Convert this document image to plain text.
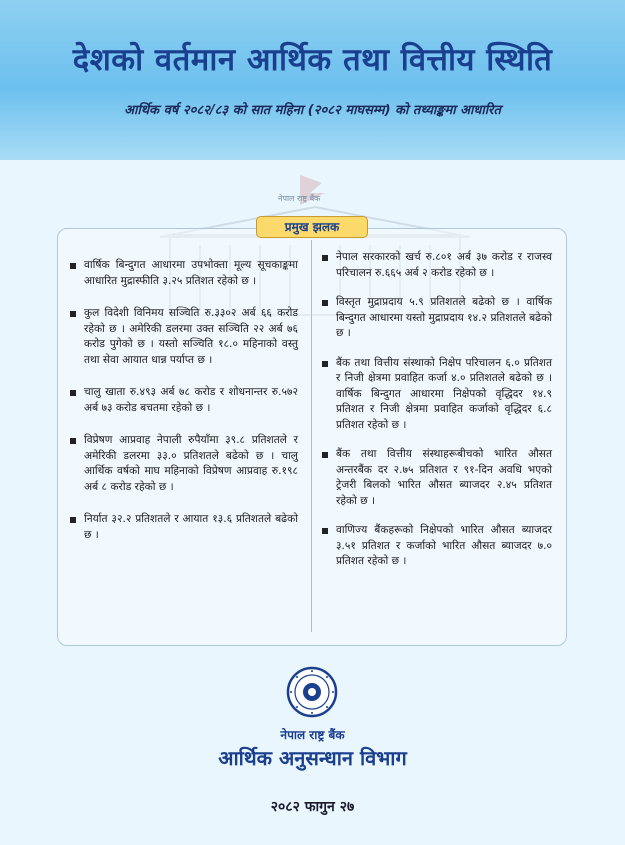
देशको वर्तमान आर्थिक तथा वित्तीय स्थिति
आर्थिक वर्ष २०८२/८३ को सात महिना (२०८२ माघसम्म) को तथ्याङ्कमा आधारित
नेपाल राष्ट्र बैंक
प्रमुख झलक
वार्षिक बिन्दुगत आधारमा उपभोक्ता मूल्य सूचकाङ्कमा आधारित मुद्रास्फीति ३.२५ प्रतिशत रहेको छ ।
कुल विदेशी विनिमय सञ्चिति रु.३३०२ अर्ब ६६ करोड रहेको छ । अमेरिकी डलरमा उक्त सञ्चिति २२ अर्ब ७६ करोड पुगेको छ । यस्तो सञ्चिति १८.० महिनाको वस्तु तथा सेवा आयात धान्न पर्याप्त छ ।
चालु खाता रु.४९३ अर्ब ७८ करोड र शोधनान्तर रु.५७२ अर्ब ७३ करोड बचतमा रहेको छ ।
विप्रेषण आप्रवाह नेपाली रुपैयाँमा ३९.८ प्रतिशतले र अमेरिकी डलरमा ३३.० प्रतिशतले बढेको छ । चालु आर्थिक वर्षको माघ महिनाको विप्रेषण आप्रवाह रु.१९८ अर्ब ८ करोड रहेको छ ।
निर्यात ३२.२ प्रतिशतले र आयात १३.६ प्रतिशतले बढेको छ ।
नेपाल सरकारको खर्च रु.८०१ अर्ब ३७ करोड र राजस्व परिचालन रु.६६५ अर्ब २ करोड रहेको छ ।
विस्तृत मुद्राप्रदाय ५.९ प्रतिशतले बढेको छ । वार्षिक बिन्दुगत आधारमा यस्तो मुद्राप्रदाय १४.२ प्रतिशतले बढेको छ ।
बैंक तथा वित्तीय संस्थाको निक्षेप परिचालन ६.० प्रतिशत र निजी क्षेत्रमा प्रवाहित कर्जा ४.० प्रतिशतले बढेको छ । वार्षिक बिन्दुगत आधारमा निक्षेपको वृद्धिदर १४.९ प्रतिशत र निजी क्षेत्रमा प्रवाहित कर्जाको वृद्धिदर ६.८ प्रतिशत रहेको छ ।
बैंक तथा वित्तीय संस्थाहरूबीचको भारित औसत अन्तरबैंक दर २.७५ प्रतिशत र ९१-दिन अवधि भएको ट्रेजरी बिलको भारित औसत ब्याजदर २.४५ प्रतिशत रहेको छ ।
वाणिज्य बैंकहरूको निक्षेपको भारित औसत ब्याजदर ३.५१ प्रतिशत र कर्जाको भारित औसत ब्याजदर ७.० प्रतिशत रहेको छ ।
नेपाल राष्ट्र बैंक
आर्थिक अनुसन्धान विभाग
२०८२ फागुन २७
